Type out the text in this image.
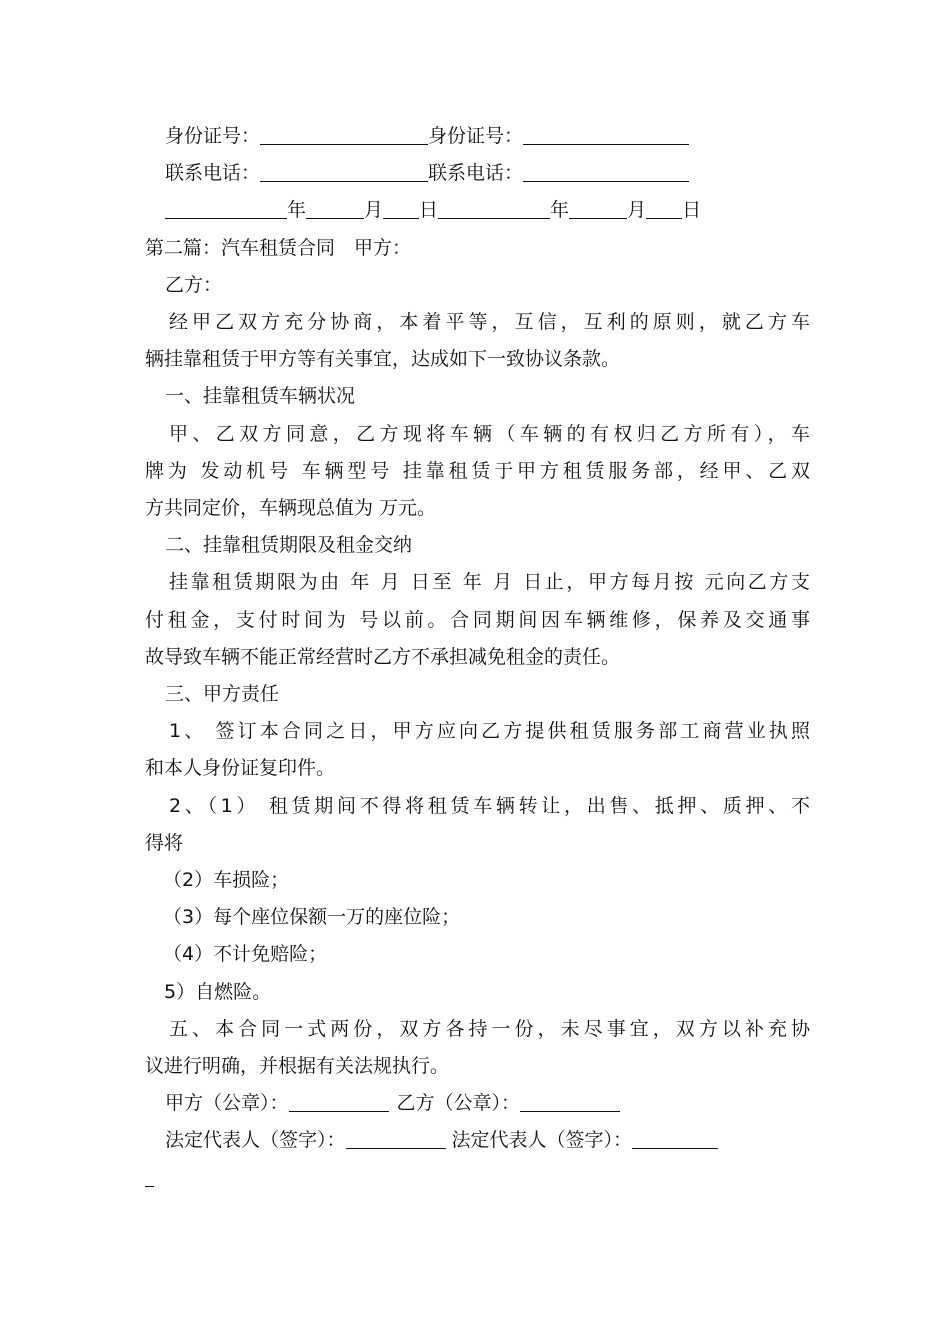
身份证号：	身份证号：
联系电话：	联系电话：
年	月 日	年	月 日
第二篇：汽车租赁合同　甲方：
乙方：
经甲乙双方充分协商，本着平等，互信，互利的原则，就乙方车
辆挂靠租赁于甲方等有关事宜，达成如下一致协议条款。
一、挂靠租赁车辆状况
甲、乙双方同意，乙方现将车辆（车辆的有权归乙方所有），车
牌为 发动机号 车辆型号 挂靠租赁于甲方租赁服务部，经甲、乙双
方共同定价，车辆现总值为 万元。
二、挂靠租赁期限及租金交纳
挂靠租赁期限为由 年 月 日至 年 月 日止，甲方每月按 元向乙方支
付租金，支付时间为 号以前。合同期间因车辆维修，保养及交通事
故导致车辆不能正常经营时乙方不承担减免租金的责任。
三、甲方责任
1、 签订本合同之日，甲方应向乙方提供租赁服务部工商营业执照
和本人身份证复印件。
2、（1） 租赁期间不得将租赁车辆转让，出售、抵押、质押、不
得将
（2）车损险；
（3）每个座位保额一万的座位险；
（4）不计免赔险；
5）自燃险。
五、本合同一式两份，双方各持一份，未尽事宜，双方以补充协
议进行明确，并根据有关法规执行。
甲方（公章）：	乙方（公章）：
法定代表人（签字）：	法定代表人（签字）：
